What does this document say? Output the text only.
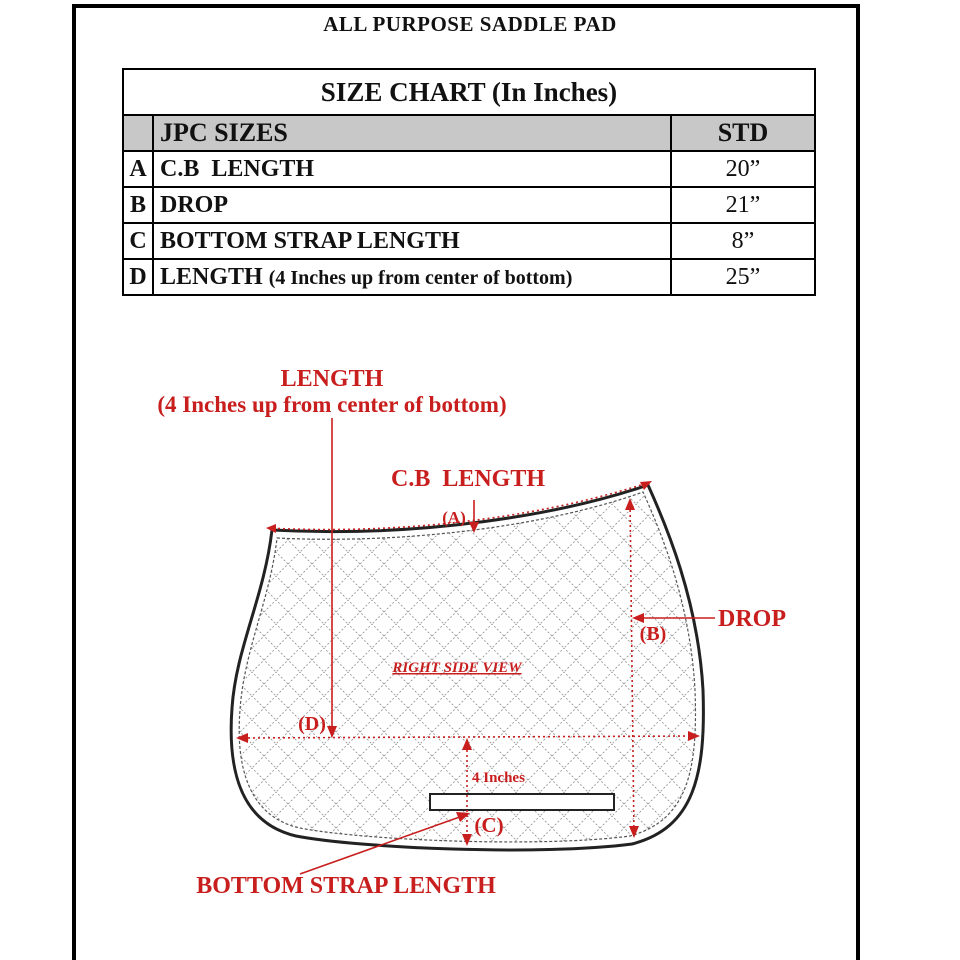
ALL PURPOSE SADDLE PAD
SIZE CHART (In Inches)		
	JPC SIZES	STD
A	C.B  LENGTH	20”
B	DROP	21”
C	BOTTOM STRAP LENGTH	8”
D	LENGTH (4 Inches up from center of bottom)	25”
LENGTH
(4 Inches up from center of bottom)
C.B  LENGTH
(A)
DROP
(B)
RIGHT SIDE VIEW
(D)
4 Inches
(C)
BOTTOM STRAP LENGTH
